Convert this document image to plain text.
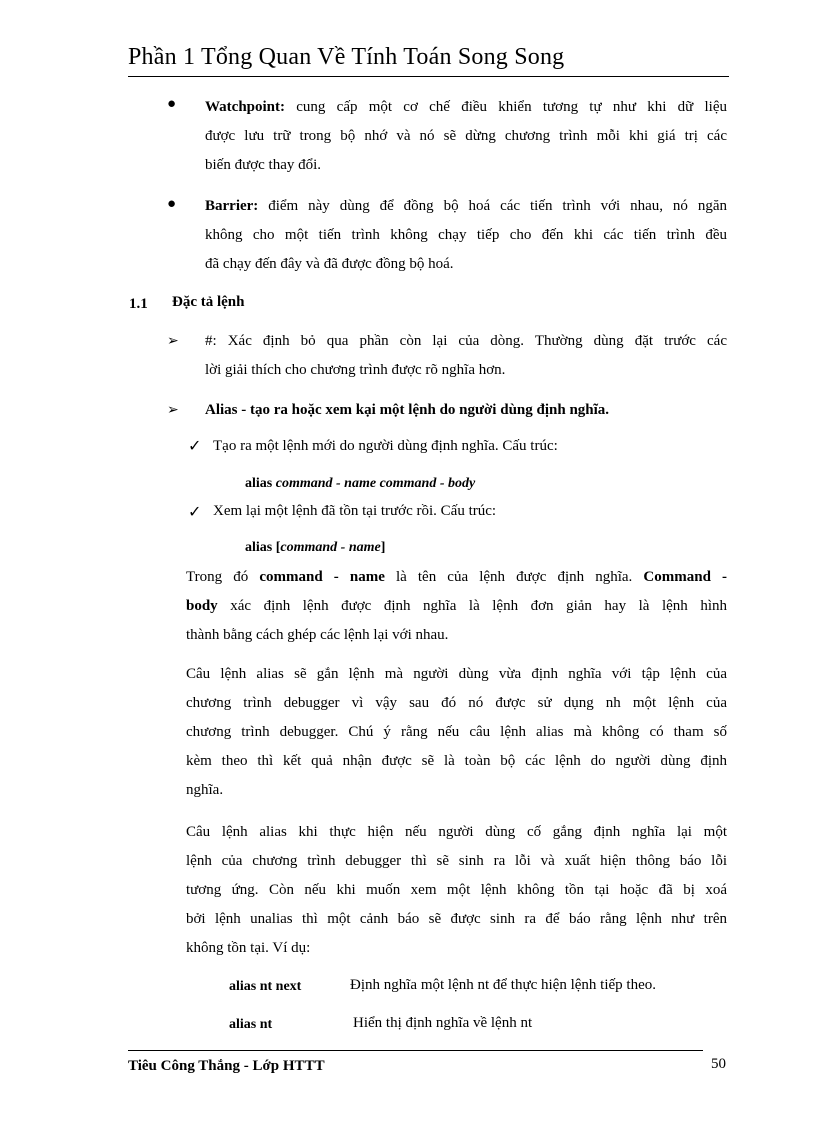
Phần 1 Tổng Quan Về Tính Toán Song Song
● Watchpoint: cung cấp một cơ chế điều khiển tương tự như khi dữ liệu
được lưu trữ trong bộ nhớ và nó sẽ dừng chương trình mỗi khi giá trị các
biến được thay đổi.
● Barrier: điểm này dùng để đồng bộ hoá các tiến trình với nhau, nó ngăn
không cho một tiến trình không chạy tiếp cho đến khi các tiến trình đều
đã chạy đến đây và đã được đồng bộ hoá.
1.1 Đặc tả lệnh
➢ #: Xác định bỏ qua phần còn lại của dòng. Thường dùng đặt trước các
lời giải thích cho chương trình được rõ nghĩa hơn.
➢ Alias - tạo ra hoặc xem kại một lệnh do người dùng định nghĩa.
✓ Tạo ra một lệnh mới do người dùng định nghĩa. Cấu trúc:
alias command - name command - body
✓ Xem lại một lệnh đã tồn tại trước rồi. Cấu trúc:
alias [command - name]
Trong đó command - name là tên của lệnh được định nghĩa. Command -
body xác định lệnh được định nghĩa là lệnh đơn giản hay là lệnh hình
thành bằng cách ghép các lệnh lại với nhau.
Câu lệnh alias sẽ gắn lệnh mà người dùng vừa định nghĩa với tập lệnh của
chương trình debugger vì vậy sau đó nó được sử dụng nh một lệnh của
chương trình debugger. Chú ý rằng nếu câu lệnh alias mà không có tham số
kèm theo thì kết quả nhận được sẽ là toàn bộ các lệnh do người dùng định
nghĩa.
Câu lệnh alias khi thực hiện nếu người dùng cố gắng định nghĩa lại một
lệnh của chương trình debugger thì sẽ sinh ra lỗi và xuất hiện thông báo lỗi
tương ứng. Còn nếu khi muốn xem một lệnh không tồn tại hoặc đã bị xoá
bởi lệnh unalias thì một cảnh báo sẽ được sinh ra để báo rằng lệnh như trên
không tồn tại. Ví dụ:
alias nt next	Định nghĩa một lệnh nt để thực hiện lệnh tiếp theo.
alias nt	Hiển thị định nghĩa về lệnh nt
Tiêu Công Thắng - Lớp HTTT	50
